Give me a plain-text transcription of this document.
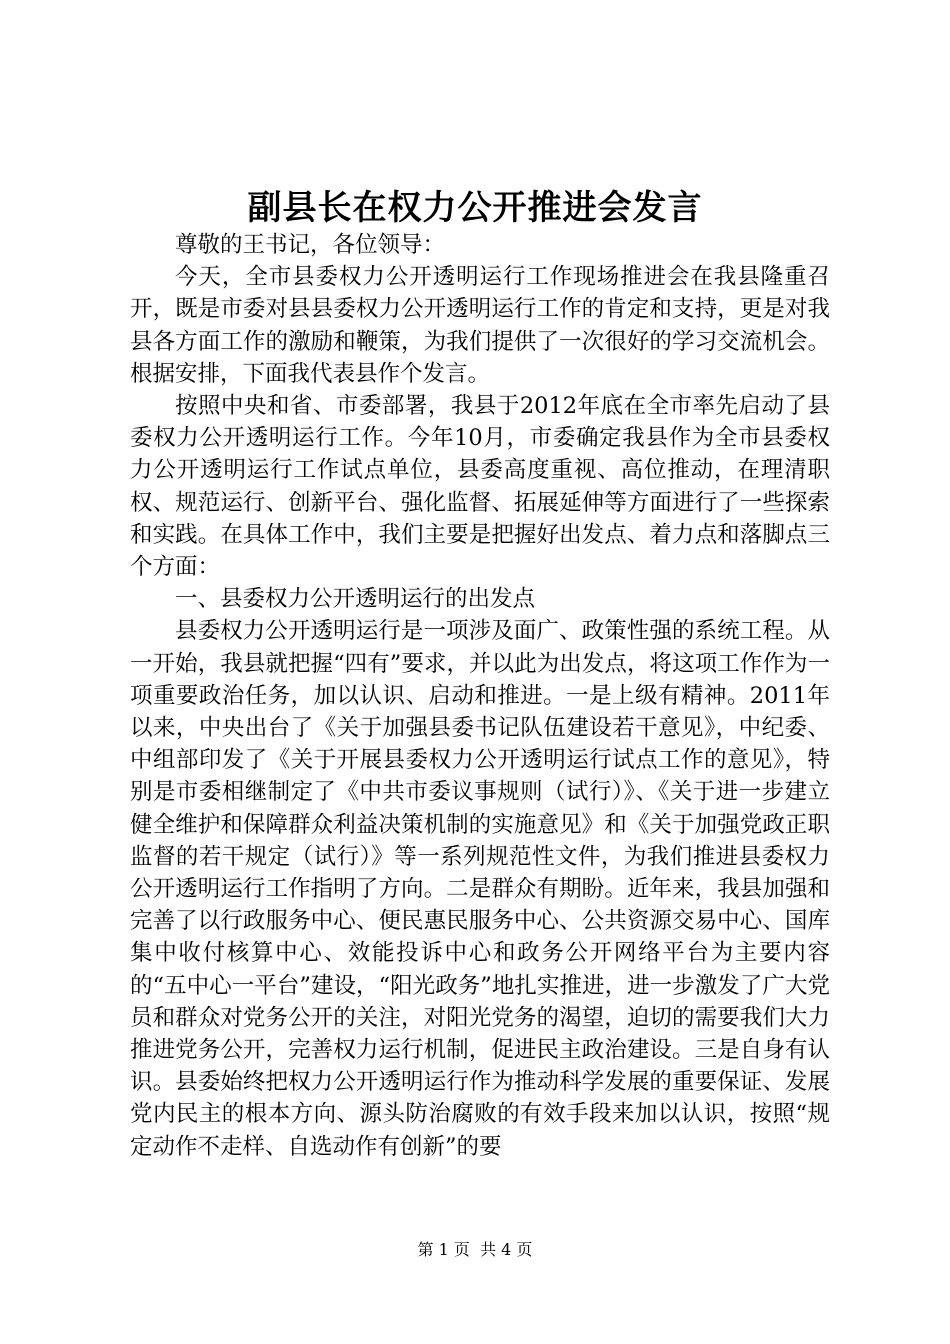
副县长在权力公开推进会发言

尊敬的王书记，各位领导：

今天，全市县委权力公开透明运行工作现场推进会在我县隆重召开，既是市委对县县委权力公开透明运行工作的肯定和支持，更是对我县各方面工作的激励和鞭策，为我们提供了一次很好的学习交流机会。根据安排，下面我代表县作个发言。

按照中央和省、市委部署，我县于2012年底在全市率先启动了县委权力公开透明运行工作。今年10月，市委确定我县作为全市县委权力公开透明运行工作试点单位，县委高度重视、高位推动，在理清职权、规范运行、创新平台、强化监督、拓展延伸等方面进行了一些探索和实践。在具体工作中，我们主要是把握好出发点、着力点和落脚点三个方面：

一、县委权力公开透明运行的出发点

县委权力公开透明运行是一项涉及面广、政策性强的系统工程。从一开始，我县就把握“四有”要求，并以此为出发点，将这项工作作为一项重要政治任务，加以认识、启动和推进。一是上级有精神。2011年以来，中央出台了《关于加强县委书记队伍建设若干意见》，中纪委、中组部印发了《关于开展县委权力公开透明运行试点工作的意见》，特别是市委相继制定了《中共市委议事规则（试行）》、《关于进一步建立健全维护和保障群众利益决策机制的实施意见》和《关于加强党政正职监督的若干规定（试行）》等一系列规范性文件，为我们推进县委权力公开透明运行工作指明了方向。二是群众有期盼。近年来，我县加强和完善了以行政服务中心、便民惠民服务中心、公共资源交易中心、国库集中收付核算中心、效能投诉中心和政务公开网络平台为主要内容的“五中心一平台”建设，“阳光政务”地扎实推进，进一步激发了广大党员和群众对党务公开的关注，对阳光党务的渴望，迫切的需要我们大力推进党务公开，完善权力运行机制，促进民主政治建设。三是自身有认识。县委始终把权力公开透明运行作为推动科学发展的重要保证、发展党内民主的根本方向、源头防治腐败的有效手段来加以认识，按照“规定动作不走样、自选动作有创新”的要

第 1 页 共 4 页
